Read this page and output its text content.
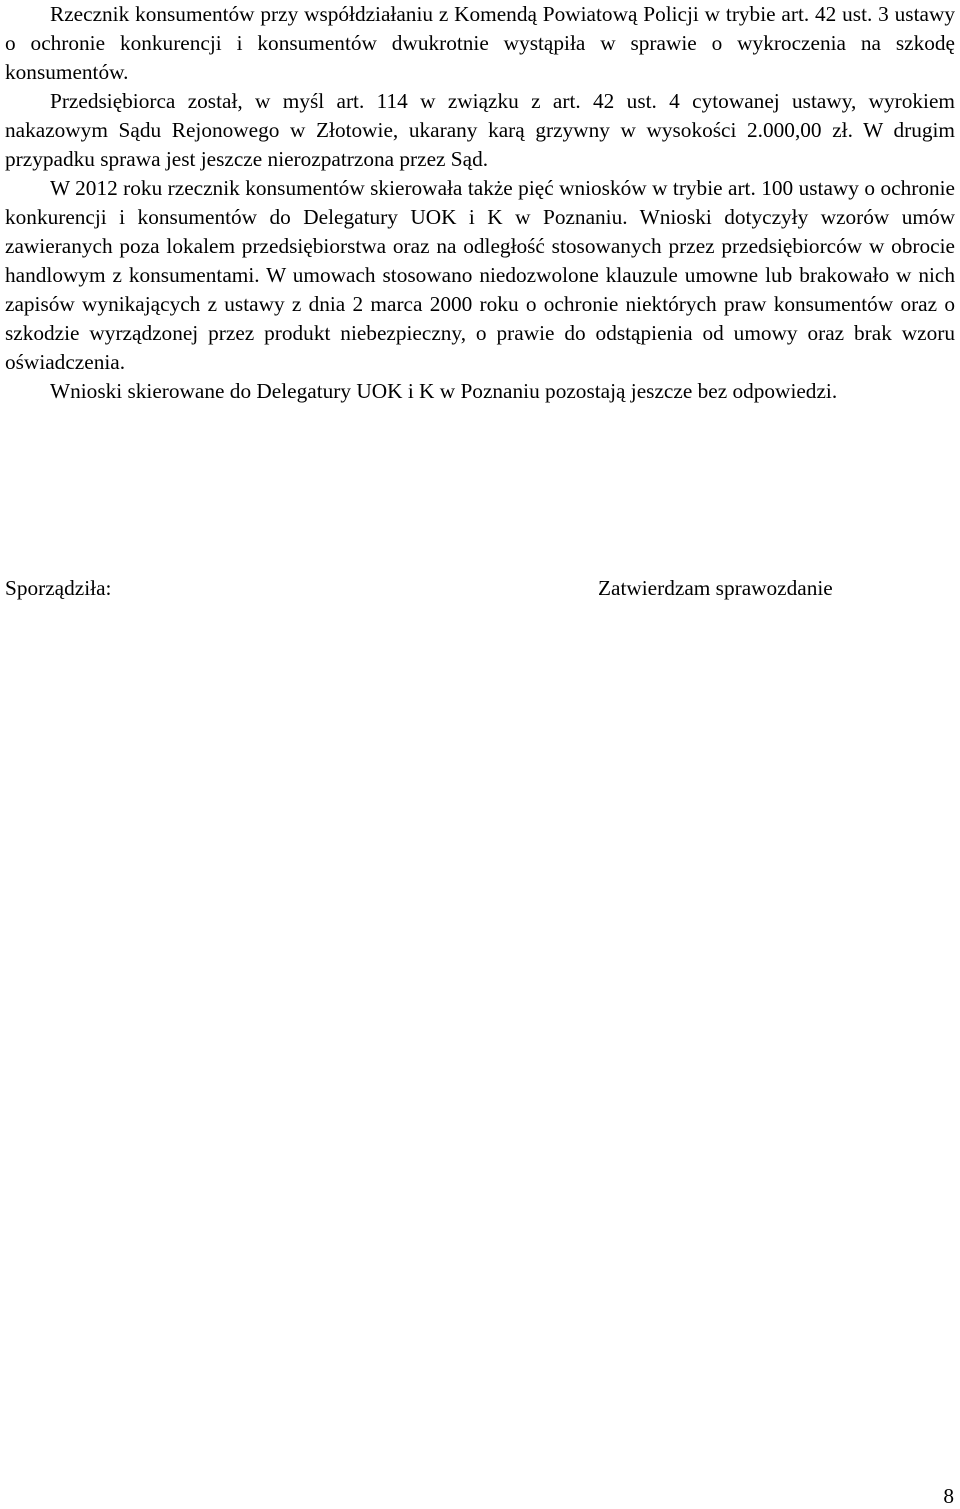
Rzecznik konsumentów przy współdziałaniu z Komendą Powiatową Policji w trybie art. 42 ust. 3 ustawy o ochronie konkurencji i konsumentów dwukrotnie wystąpiła w sprawie o wykroczenia na szkodę konsumentów.

Przedsiębiorca został, w myśl art. 114 w związku z art. 42 ust. 4 cytowanej ustawy, wyrokiem nakazowym Sądu Rejonowego w Złotowie, ukarany karą grzywny w wysokości 2.000,00 zł. W drugim przypadku sprawa jest jeszcze nierozpatrzona przez Sąd.

W 2012 roku rzecznik konsumentów skierowała także pięć wniosków w trybie art. 100 ustawy o ochronie konkurencji i konsumentów do Delegatury UOK i K w Poznaniu. Wnioski dotyczyły wzorów umów zawieranych poza lokalem przedsiębiorstwa oraz na odległość stosowanych przez przedsiębiorców w obrocie handlowym z konsumentami. W umowach stosowano niedozwolone klauzule umowne lub brakowało w nich zapisów wynikających z ustawy z dnia 2 marca 2000 roku o ochronie niektórych praw konsumentów oraz o szkodzie wyrządzonej przez produkt niebezpieczny, o prawie do odstąpienia od umowy oraz brak wzoru oświadczenia.

Wnioski skierowane do Delegatury UOK i K w Poznaniu pozostają jeszcze bez odpowiedzi.

Sporządziła:	Zatwierdzam sprawozdanie
8
